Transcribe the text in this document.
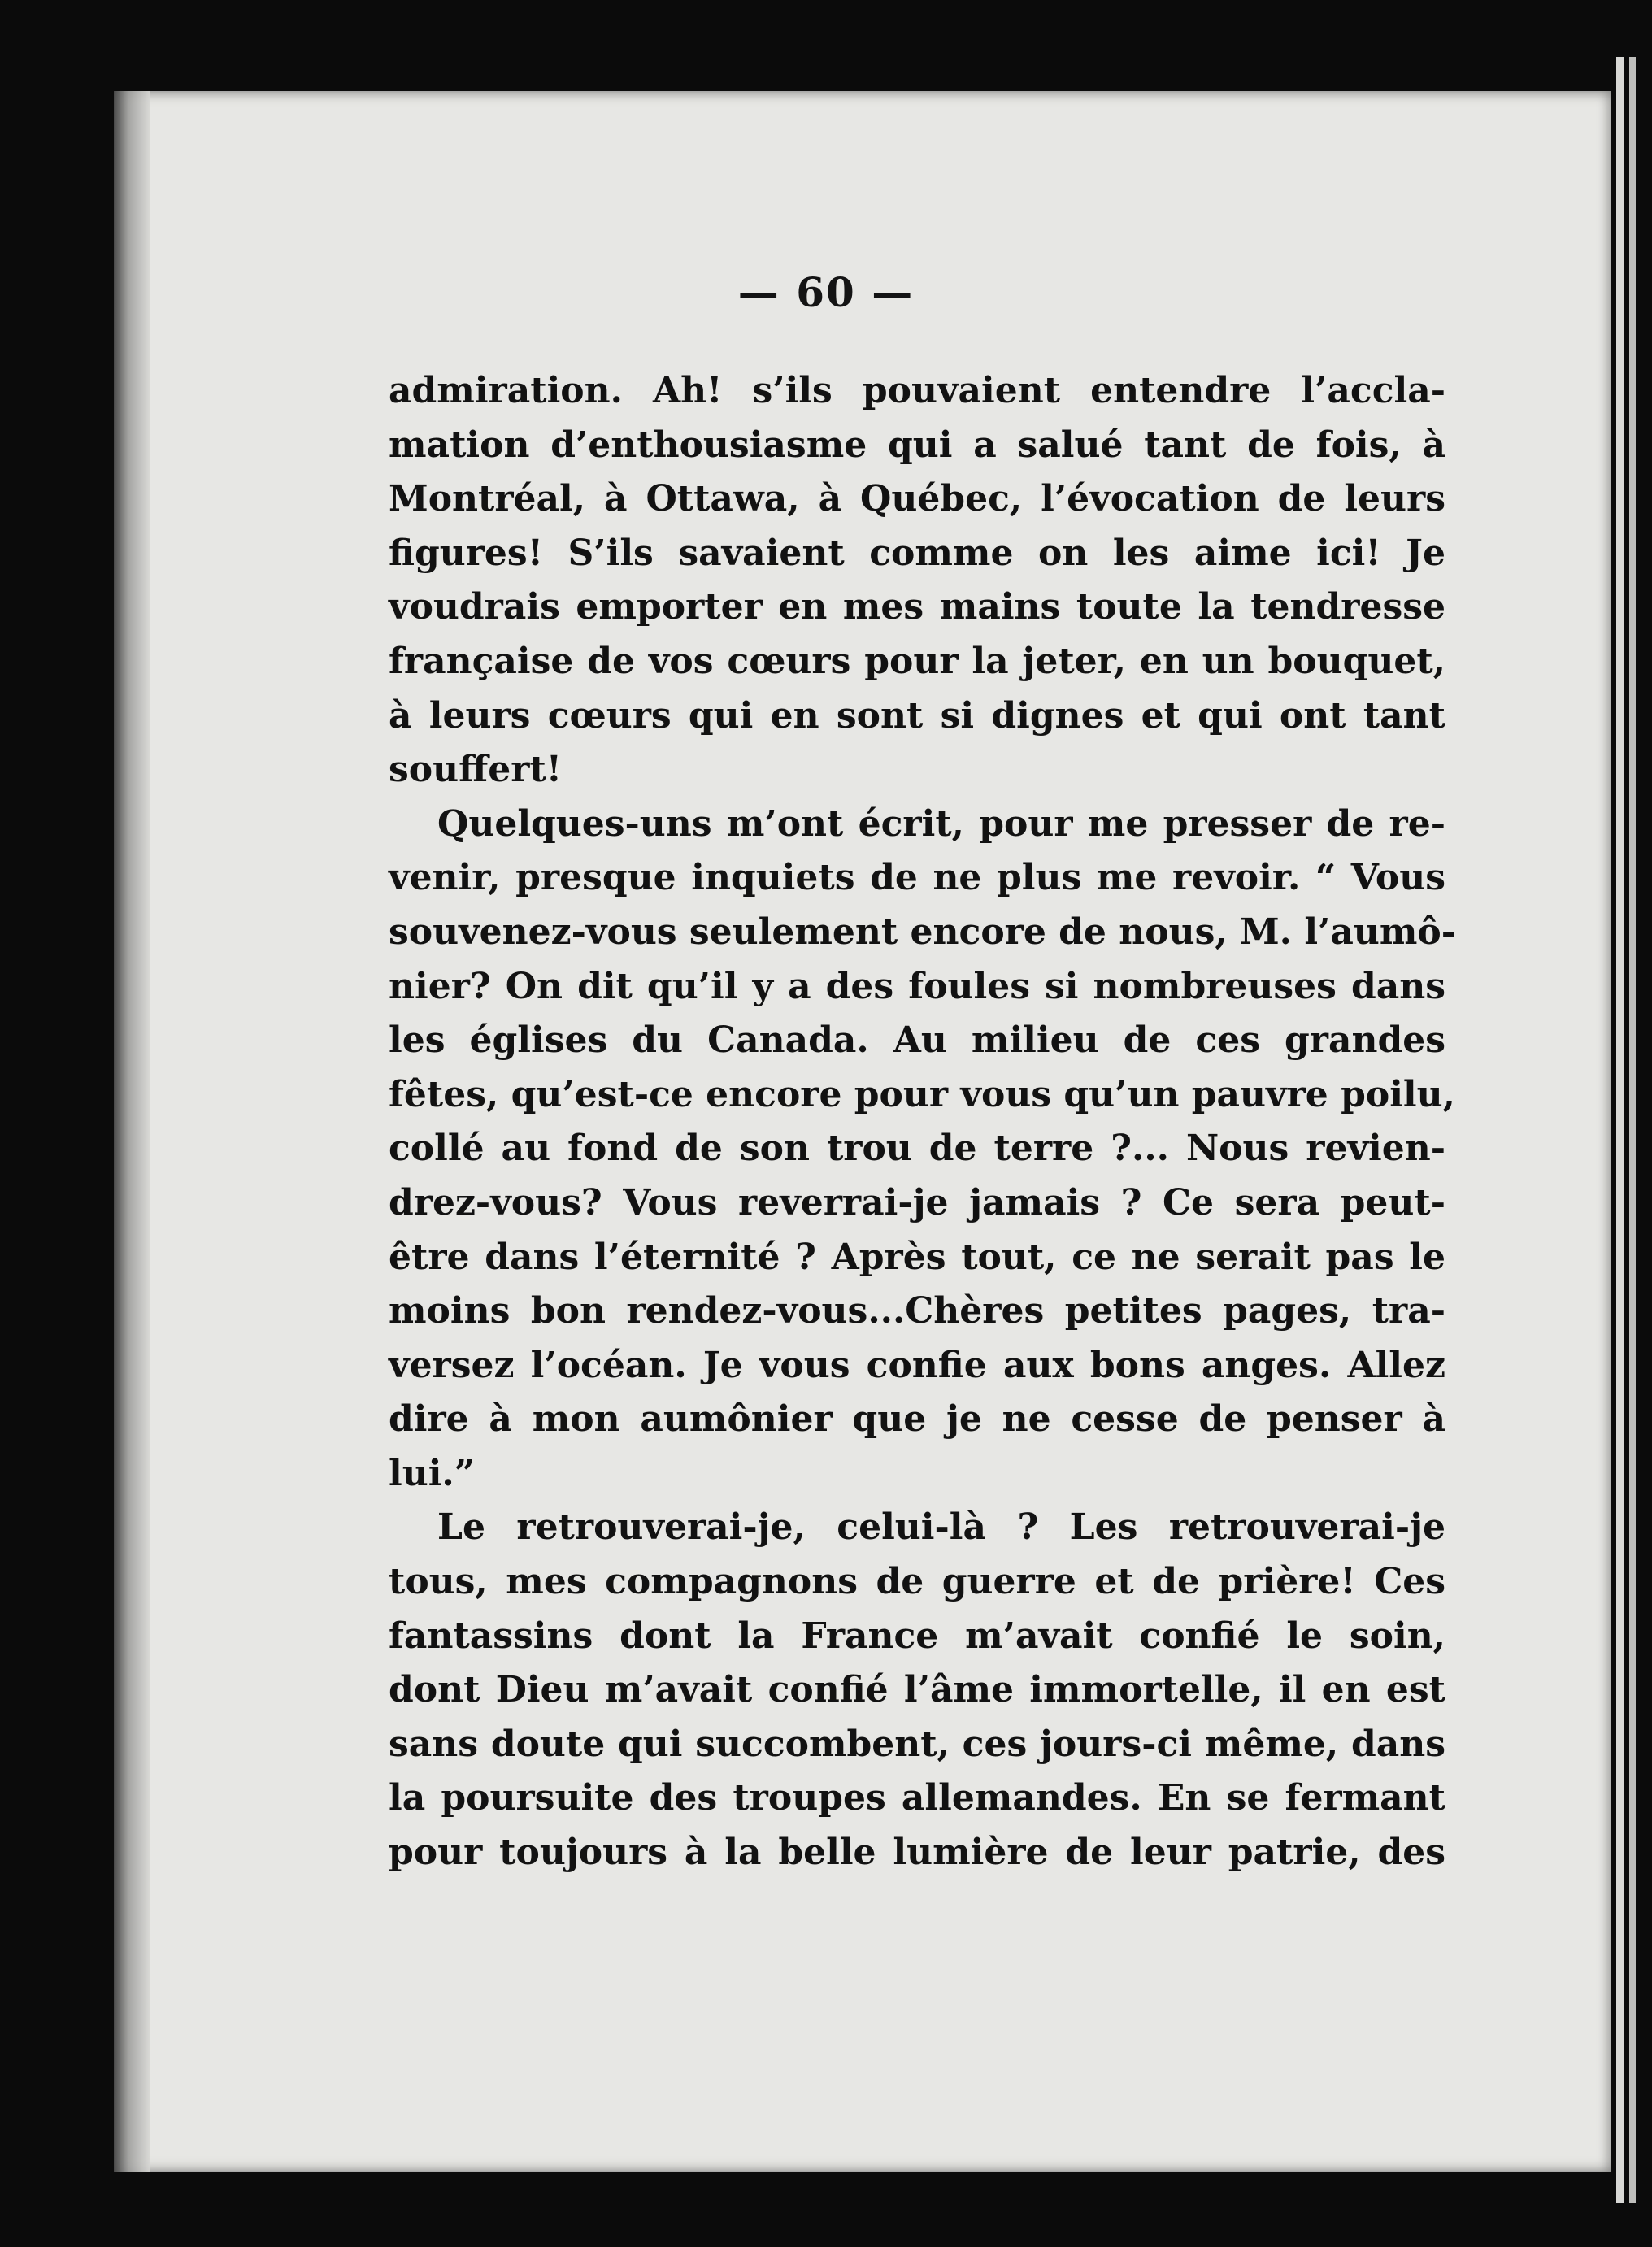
— 60 —
admiration. Ah! s’ils pouvaient entendre l’accla-
mation d’enthousiasme qui a salué tant de fois, à
Montréal, à Ottawa, à Québec, l’évocation de leurs
figures! S’ils savaient comme on les aime ici! Je
voudrais emporter en mes mains toute la tendresse
française de vos cœurs pour la jeter, en un bouquet,
à leurs cœurs qui en sont si dignes et qui ont tant
souffert!
Quelques-uns m’ont écrit, pour me presser de re-
venir, presque inquiets de ne plus me revoir. “ Vous
souvenez-vous seulement encore de nous, M. l’aumô-
nier? On dit qu’il y a des foules si nombreuses dans
les églises du Canada. Au milieu de ces grandes
fêtes, qu’est-ce encore pour vous qu’un pauvre poilu,
collé au fond de son trou de terre ?... Nous revien-
drez-vous? Vous reverrai-je jamais ? Ce sera peut-
être dans l’éternité ? Après tout, ce ne serait pas le
moins bon rendez-vous...Chères petites pages, tra-
versez l’océan. Je vous confie aux bons anges. Allez
dire à mon aumônier que je ne cesse de penser à
lui.”
Le retrouverai-je, celui-là ? Les retrouverai-je
tous, mes compagnons de guerre et de prière! Ces
fantassins dont la France m’avait confié le soin,
dont Dieu m’avait confié l’âme immortelle, il en est
sans doute qui succombent, ces jours-ci même, dans
la poursuite des troupes allemandes. En se fermant
pour toujours à la belle lumière de leur patrie, des
